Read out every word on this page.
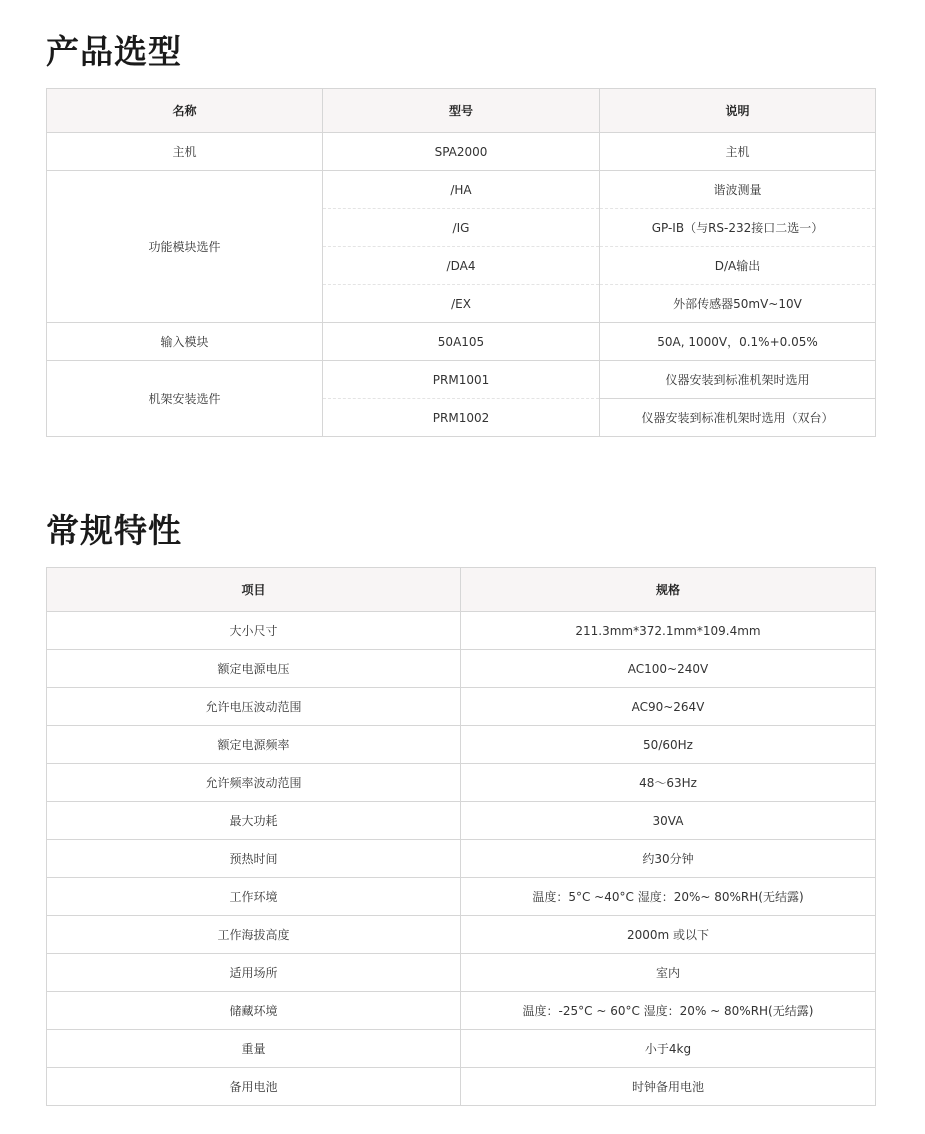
产品选型
名称	型号	说明
主机	SPA2000	主机
功能模块选件	/HA	谐波测量
	/IG	GP-IB（与RS-232接口二选一）
	/DA4	D/A输出
	/EX	外部传感器50mV~10V
输入模块	50A105	50A, 1000V，0.1%+0.05%
机架安装选件	PRM1001	仪器安装到标准机架时选用
	PRM1002	仪器安装到标准机架时选用（双台）
常规特性
项目	规格
大小尺寸	211.3mm*372.1mm*109.4mm
额定电源电压	AC100~240V
允许电压波动范围	AC90~264V
额定电源频率	50/60Hz
允许频率波动范围	48～63Hz
最大功耗	30VA
预热时间	约30分钟
工作环境	温度：5°C ~40°C 湿度：20%~ 80%RH(无结露)
工作海拔高度	2000m 或以下
适用场所	室内
储藏环境	温度：-25°C ~ 60°C 湿度：20% ~ 80%RH(无结露)
重量	小于4kg
备用电池	时钟备用电池
